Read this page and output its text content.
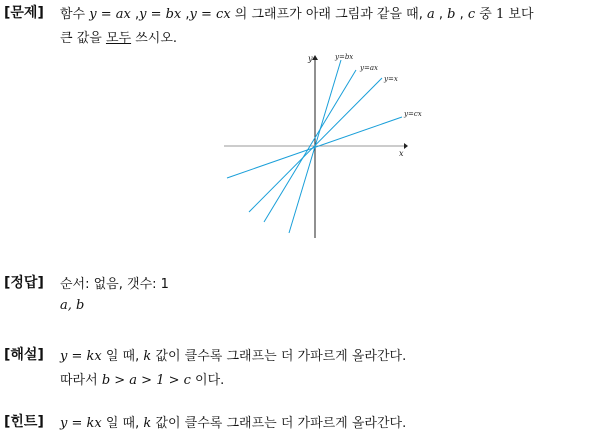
[문제] 함수 y = ax ,y = bx ,y = cx 의 그래프가 아래 그림과 같을 때, a , b , c 중 1 보다
큰 값을 모두 쓰시오.
y
x
y=bx
y=ax
y=x
y=cx
[정답] 순서: 없음, 갯수: 1
a, b
[해설] y = kx 일 때, k 값이 클수록 그래프는 더 가파르게 올라간다.
따라서 b > a > 1 > c 이다.
[힌트] y = kx 일 때, k 값이 클수록 그래프는 더 가파르게 올라간다.
